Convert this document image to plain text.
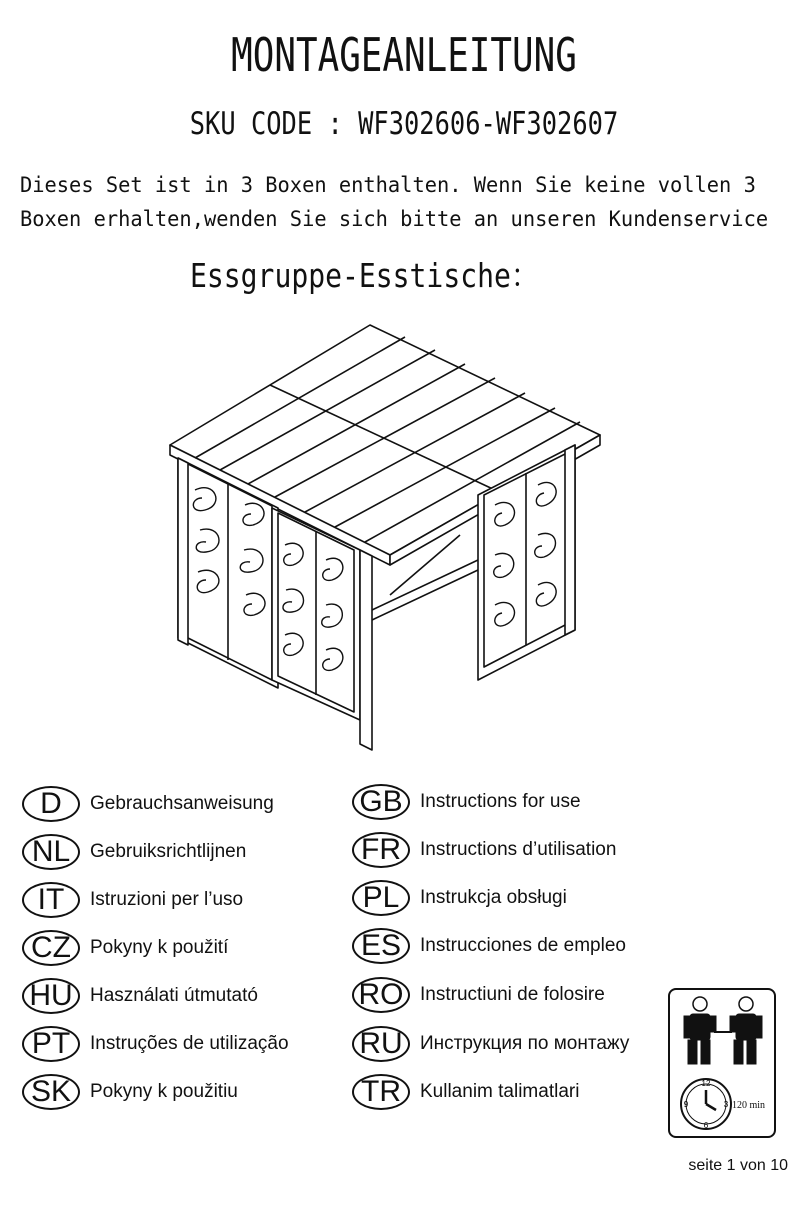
MONTAGEANLEITUNG
SKU CODE : WF302606-WF302607
Dieses Set ist in 3 Boxen enthalten. Wenn Sie keine vollen 3
Boxen erhalten,wenden Sie sich bitte an unseren Kundenservice
Essgruppe-Esstische：
D	Gebrauchsanweisung
NL	Gebruiksrichtlijnen
IT	Istruzioni per l’uso
CZ	Pokyny k použití
HU Használati útmutató
PT	Instruções de utilização
SK Pokyny k použitiu
GB Instructions for use
FR	Instructions d’utilisation
PL	Instrukcja obsługi
ES Instrucciones de empleo
RO Instructiuni de folosire
RU Инструкция по монтажу
TR	Kullanim talimatlari	12
3
6
9	120 min
seite 1 von 10
